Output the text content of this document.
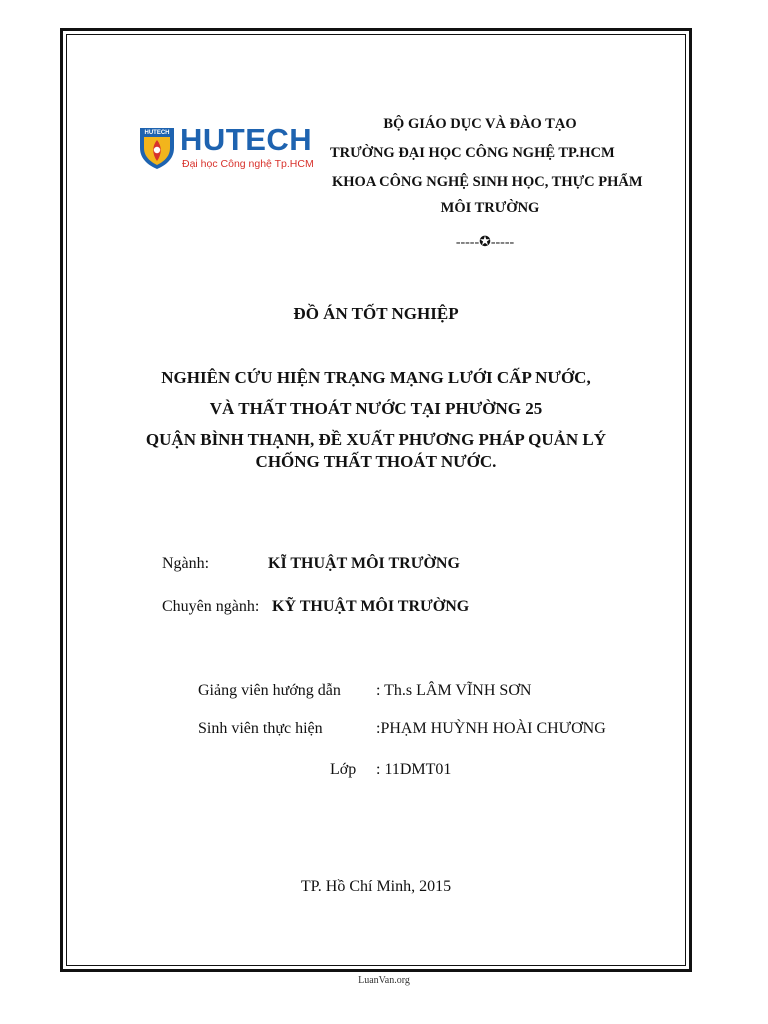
HUTECH HUTECH
Đại học Công nghệ Tp.HCM
BỘ GIÁO DỤC VÀ ĐÀO TẠO
TRƯỜNG ĐẠI HỌC CÔNG NGHỆ TP.HCM
KHOA CÔNG NGHỆ SINH HỌC, THỰC PHẨM
MÔI TRƯỜNG
-----✪-----
ĐỒ ÁN TỐT NGHIỆP
NGHIÊN CỨU HIỆN TRẠNG MẠNG LƯỚI CẤP NƯỚC,
VÀ THẤT THOÁT NƯỚC TẠI PHƯỜNG 25
QUẬN BÌNH THẠNH, ĐỀ XUẤT PHƯƠNG PHÁP QUẢN LÝ
CHỐNG THẤT THOÁT NƯỚC.
Ngành:	KĨ THUẬT MÔI TRƯỜNG
Chuyên ngành: KỸ THUẬT MÔI TRƯỜNG
Giảng viên hướng dẫn : Th.s LÂM VĨNH SƠN
Sinh viên thực hiện	:PHẠM HUỲNH HOÀI CHƯƠNG
Lớp : 11DMT01
TP. Hồ Chí Minh, 2015
LuanVan.org
